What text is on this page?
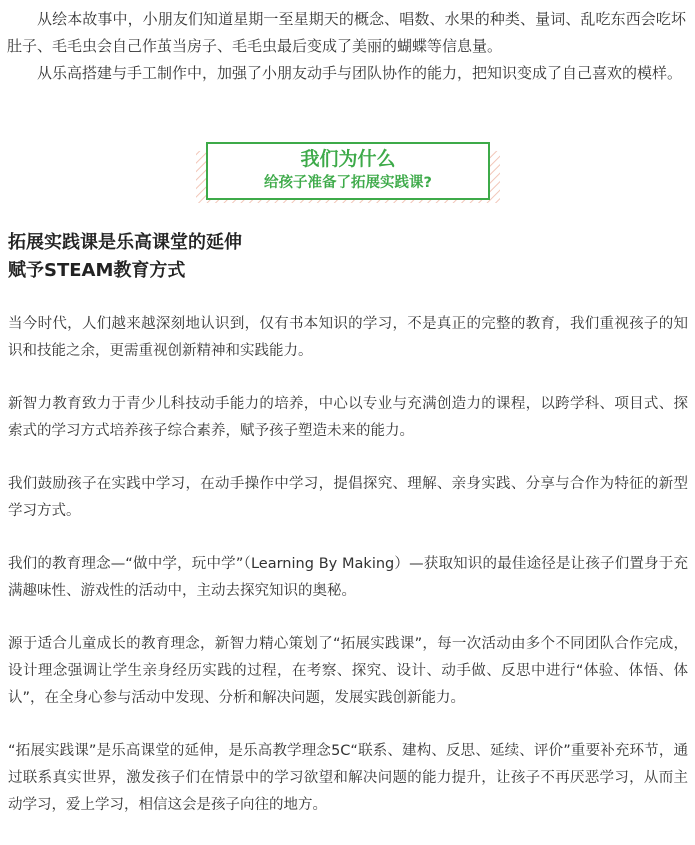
从绘本故事中，小朋友们知道星期一至星期天的概念、唱数、水果的种类、量词、乱吃东西会吃坏肚子、毛毛虫会自己作茧当房子、毛毛虫最后变成了美丽的蝴蝶等信息量。

从乐高搭建与手工制作中，加强了小朋友动手与团队协作的能力，把知识变成了自己喜欢的模样。

我们为什么
给孩子准备了拓展实践课?
拓展实践课是乐高课堂的延伸
赋予STEAM教育方式

当今时代，人们越来越深刻地认识到，仅有书本知识的学习，不是真正的完整的教育，我们重视孩子的知识和技能之余，更需重视创新精神和实践能力。

新智力教育致力于青少儿科技动手能力的培养，中心以专业与充满创造力的课程，以跨学科、项目式、探索式的学习方式培养孩子综合素养，赋予孩子塑造未来的能力。

我们鼓励孩子在实践中学习，在动手操作中学习，提倡探究、理解、亲身实践、分享与合作为特征的新型学习方式。

我们的教育理念—“做中学，玩中学”（Learning By Making）—获取知识的最佳途径是让孩子们置身于充满趣味性、游戏性的活动中，主动去探究知识的奥秘。

源于适合儿童成长的教育理念，新智力精心策划了“拓展实践课”，每一次活动由多个不同团队合作完成，设计理念强调让学生亲身经历实践的过程，在考察、探究、设计、动手做、反思中进行“体验、体悟、体认”，在全身心参与活动中发现、分析和解决问题，发展实践创新能力。

“拓展实践课”是乐高课堂的延伸，是乐高教学理念5C“联系、建构、反思、延续、评价”重要补充环节，通过联系真实世界，激发孩子们在情景中的学习欲望和解决问题的能力提升，让孩子不再厌恶学习，从而主动学习，爱上学习，相信这会是孩子向往的地方。
